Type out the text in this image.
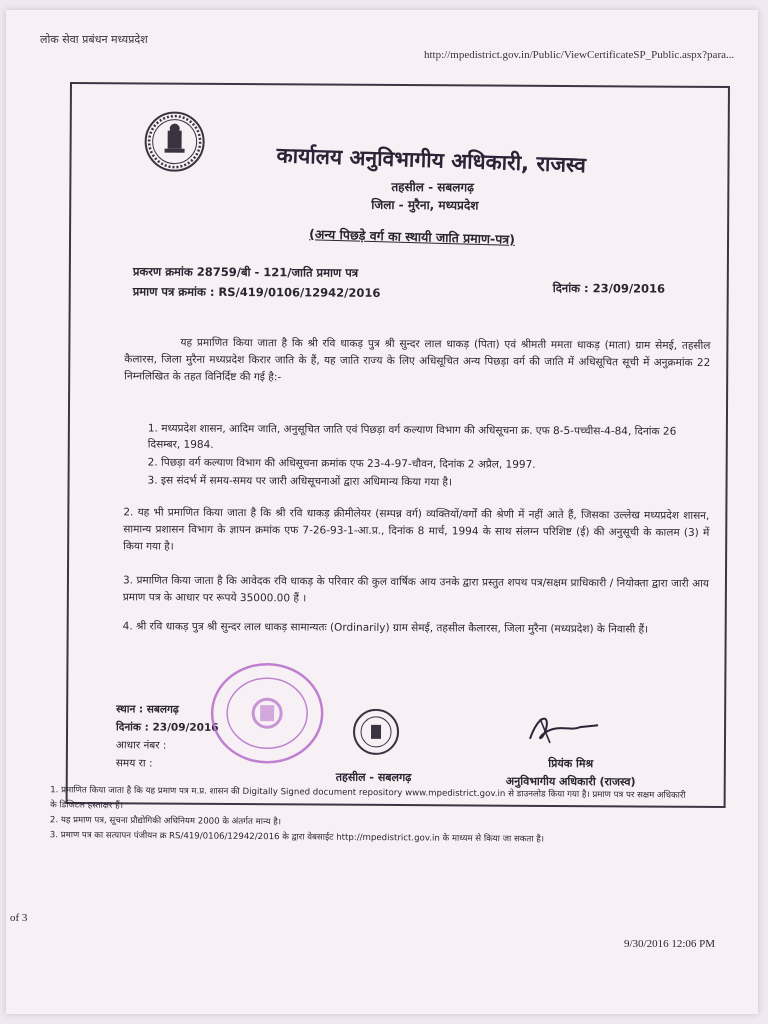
लोक सेवा प्रबंधन मध्यप्रदेश
http://mpedistrict.gov.in/Public/ViewCertificateSP_Public.aspx?para...
कार्यालय अनुविभागीय अधिकारी, राजस्व
तहसील - सबलगढ़
जिला - मुरैना, मध्यप्रदेश
(अन्य पिछड़े वर्ग का स्थायी जाति प्रमाण-पत्र)
प्रकरण क्रमांक 28759/बी - 121/जाति प्रमाण पत्र
प्रमाण पत्र क्रमांक : RS/419/0106/12942/2016	दिनांक : 23/09/2016
यह प्रमाणित किया जाता है कि श्री रवि धाकड़ पुत्र श्री सुन्दर लाल धाकड़ (पिता) एवं श्रीमती ममता धाकड़ (माता) ग्राम सेमई, तहसील कैलारस, जिला मुरैना मध्यप्रदेश किरार जाति के हैं, यह जाति राज्य के लिए अधिसूचित अन्य पिछड़ा वर्ग की जाति में अधिसूचित सूची में अनुक्रमांक 22 निम्नलिखित के तहत विनिर्दिष्ट की गई है:-
1. मध्यप्रदेश शासन, आदिम जाति, अनुसूचित जाति एवं पिछड़ा वर्ग कल्याण विभाग की अधिसूचना क्र. एफ 8-5-पच्चीस-4-84, दिनांक 26 दिसम्बर, 1984.
2. पिछड़ा वर्ग कल्याण विभाग की अधिसूचना क्रमांक एफ 23-4-97-चौवन, दिनांक 2 अप्रैल, 1997.
3. इस संदर्भ में समय-समय पर जारी अधिसूचनाओं द्वारा अधिमान्य किया गया है।
2. यह भी प्रमाणित किया जाता है कि श्री रवि धाकड़ क्रीमीलेयर (सम्पन्न वर्ग) व्यक्तियों/वर्गों की श्रेणी में नहीं आते हैं, जिसका उल्लेख मध्यप्रदेश शासन, सामान्य प्रशासन विभाग के ज्ञापन क्रमांक एफ 7-26-93-1-आ.प्र., दिनांक 8 मार्च, 1994 के साथ संलग्न परिशिष्ट (ई) की अनुसूची के कालम (3) में किया गया है।
3. प्रमाणित किया जाता है कि आवेदक रवि धाकड़ के परिवार की कुल वार्षिक आय उनके द्वारा प्रस्तुत शपथ पत्र/सक्षम प्राधिकारी / नियोक्ता द्वारा जारी आय प्रमाण पत्र के आधार पर रूपये 35000.00 हैं ।
4. श्री रवि धाकड़ पुत्र श्री सुन्दर लाल धाकड़ सामान्यतः (Ordinarily) ग्राम सेमई, तहसील कैलारस, जिला मुरैना (मध्यप्रदेश) के निवासी हैं।
स्थान : सबलगढ़
दिनांक : 23/09/2016
आधार नंबर :
समय रा :
तहसील - सबलगढ़
प्रियंक मिश्र
अनुविभागीय अधिकारी (राजस्व)
1. प्रमाणित किया जाता है कि यह प्रमाण पत्र म.प्र. शासन की Digitally Signed document repository www.mpedistrict.gov.in से डाउनलोड किया गया है। प्रमाण पत्र पर सक्षम अधिकारी के डिजिटल हस्ताक्षर हैं।
2. यह प्रमाण पत्र, सूचना प्रौद्योगिकी अधिनियम 2000 के अंतर्गत मान्य है।
3. प्रमाण पत्र का सत्यापन पंजीयन क्र RS/419/0106/12942/2016 के द्वारा वेबसाईट http://mpedistrict.gov.in के माध्यम से किया जा सकता है।
of 3
9/30/2016 12:06 PM
